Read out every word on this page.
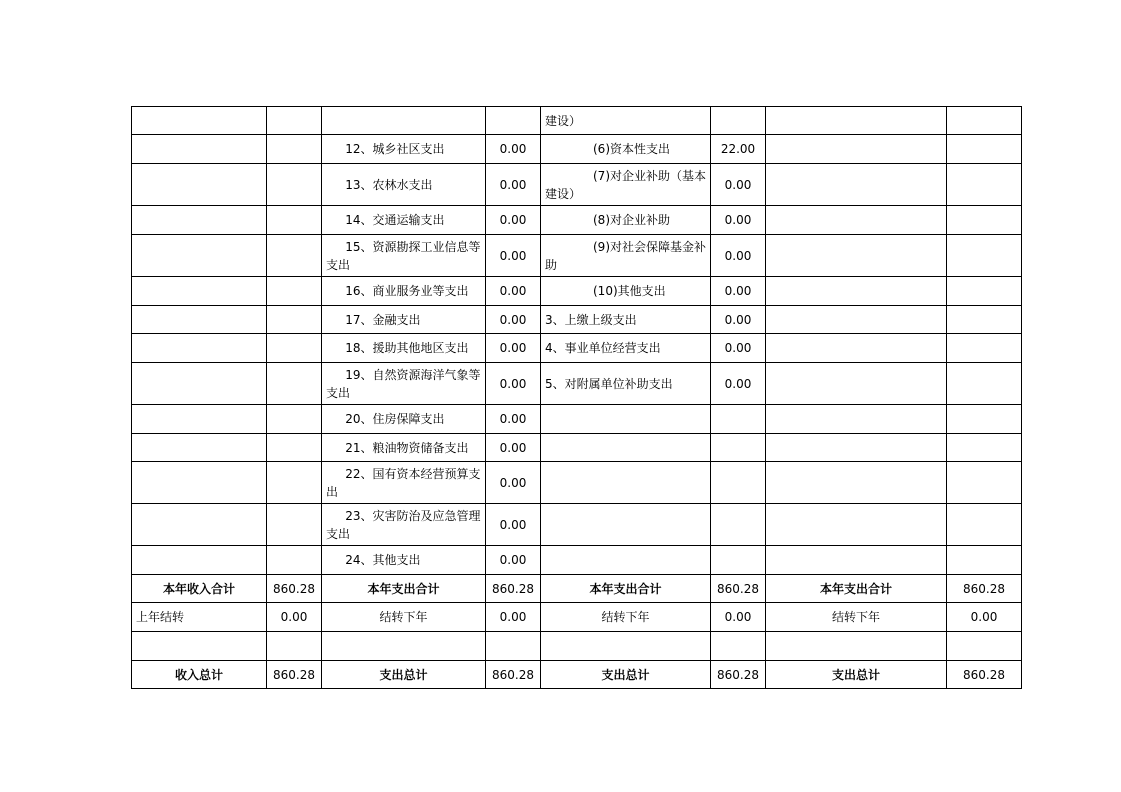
				建设）			
		12、城乡社区支出	0.00	(6)资本性支出	22.00		
		13、农林水支出	0.00	(7)对企业补助（基本建设）	0.00		
		14、交通运输支出	0.00	(8)对企业补助	0.00		
		15、资源勘探工业信息等支出	0.00	(9)对社会保障基金补助	0.00		
		16、商业服务业等支出	0.00	(10)其他支出	0.00		
		17、金融支出	0.00	3、上缴上级支出	0.00		
		18、援助其他地区支出	0.00	4、事业单位经营支出	0.00		
		19、自然资源海洋气象等支出	0.00	5、对附属单位补助支出	0.00		
		20、住房保障支出	0.00				
		21、粮油物资储备支出	0.00				
		22、国有资本经营预算支出	0.00				
		23、灾害防治及应急管理支出	0.00				
		24、其他支出	0.00				
本年收入合计	860.28	本年支出合计	860.28	本年支出合计	860.28	本年支出合计	860.28
上年结转	0.00	结转下年	0.00	结转下年	0.00	结转下年	0.00

收入总计	860.28	支出总计	860.28	支出总计	860.28	支出总计	860.28
